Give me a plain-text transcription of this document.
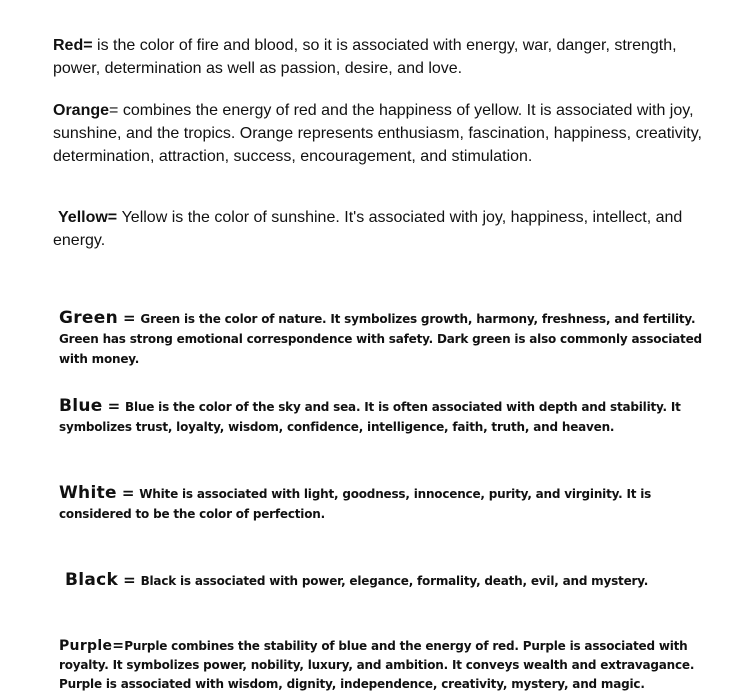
Red= is the color of fire and blood, so it is associated with energy, war, danger, strength, power, determination as well as passion, desire, and love.

Orange= combines the energy of red and the happiness of yellow. It is associated with joy, sunshine, and the tropics. Orange represents enthusiasm, fascination, happiness, creativity, determination, attraction, success, encouragement, and stimulation.

Yellow= Yellow is the color of sunshine. It's associated with joy, happiness, intellect, and energy.

Green = Green is the color of nature. It symbolizes growth, harmony, freshness, and fertility. Green has strong emotional correspondence with safety. Dark green is also commonly associated with money.

Blue = Blue is the color of the sky and sea. It is often associated with depth and stability. It symbolizes trust, loyalty, wisdom, confidence, intelligence, faith, truth, and heaven.

White = White is associated with light, goodness, innocence, purity, and virginity. It is considered to be the color of perfection.

Black = Black is associated with power, elegance, formality, death, evil, and mystery.

Purple=Purple combines the stability of blue and the energy of red. Purple is associated with royalty. It symbolizes power, nobility, luxury, and ambition. It conveys wealth and extravagance. Purple is associated with wisdom, dignity, independence, creativity, mystery, and magic.
